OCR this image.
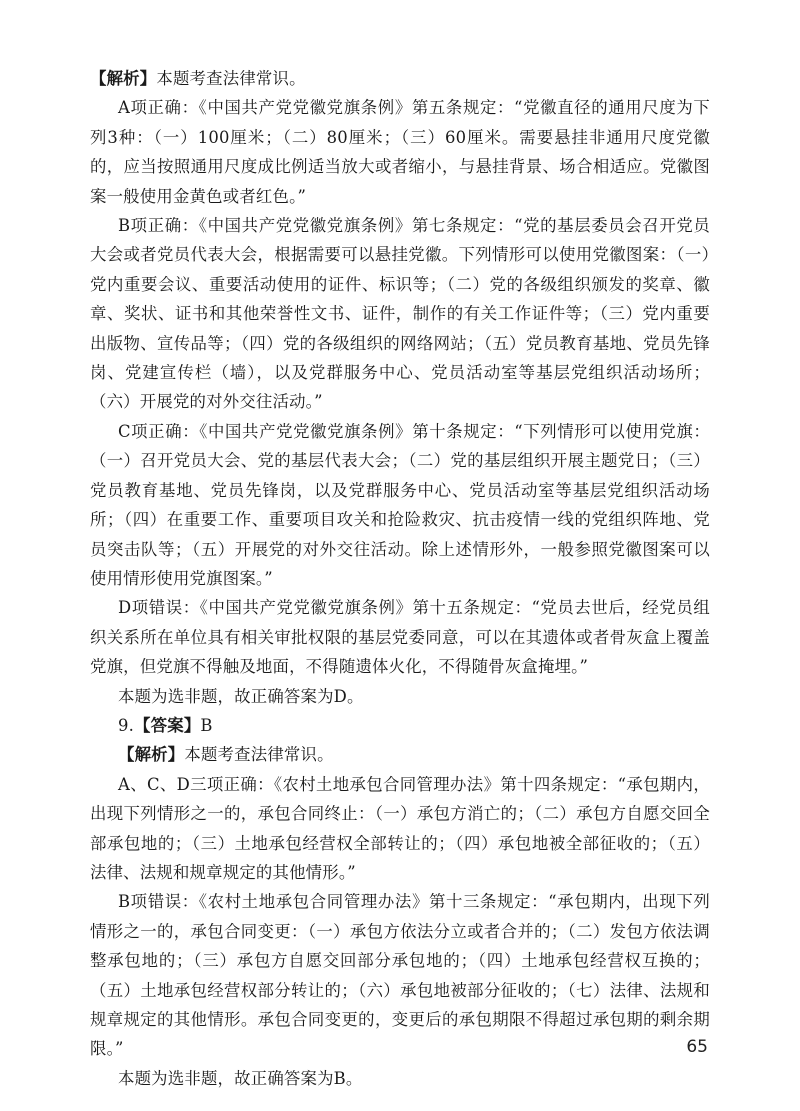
【解析】本题考查法律常识。

A项正确：《中国共产党党徽党旗条例》第五条规定：“党徽直径的通用尺度为下列3种：（一）100厘米；（二）80厘米；（三）60厘米。需要悬挂非通用尺度党徽的，应当按照通用尺度成比例适当放大或者缩小，与悬挂背景、场合相适应。党徽图案一般使用金黄色或者红色。”

B项正确：《中国共产党党徽党旗条例》第七条规定：“党的基层委员会召开党员大会或者党员代表大会，根据需要可以悬挂党徽。下列情形可以使用党徽图案：（一）党内重要会议、重要活动使用的证件、标识等；（二）党的各级组织颁发的奖章、徽章、奖状、证书和其他荣誉性文书、证件，制作的有关工作证件等；（三）党内重要出版物、宣传品等；（四）党的各级组织的网络网站；（五）党员教育基地、党员先锋岗、党建宣传栏（墙），以及党群服务中心、党员活动室等基层党组织活动场所；（六）开展党的对外交往活动。”

C项正确：《中国共产党党徽党旗条例》第十条规定：“下列情形可以使用党旗：（一）召开党员大会、党的基层代表大会；（二）党的基层组织开展主题党日；（三）党员教育基地、党员先锋岗，以及党群服务中心、党员活动室等基层党组织活动场所；（四）在重要工作、重要项目攻关和抢险救灾、抗击疫情一线的党组织阵地、党员突击队等；（五）开展党的对外交往活动。除上述情形外，一般参照党徽图案可以使用情形使用党旗图案。”

D项错误：《中国共产党党徽党旗条例》第十五条规定：“党员去世后，经党员组织关系所在单位具有相关审批权限的基层党委同意，可以在其遗体或者骨灰盒上覆盖党旗，但党旗不得触及地面，不得随遗体火化，不得随骨灰盒掩埋。”

本题为选非题，故正确答案为D。

9.【答案】B

【解析】本题考查法律常识。

A、C、D三项正确：《农村土地承包合同管理办法》第十四条规定：“承包期内，出现下列情形之一的，承包合同终止：（一）承包方消亡的；（二）承包方自愿交回全部承包地的；（三）土地承包经营权全部转让的；（四）承包地被全部征收的；（五）法律、法规和规章规定的其他情形。”

B项错误：《农村土地承包合同管理办法》第十三条规定：“承包期内，出现下列情形之一的，承包合同变更：（一）承包方依法分立或者合并的；（二）发包方依法调整承包地的；（三）承包方自愿交回部分承包地的；（四）土地承包经营权互换的；（五）土地承包经营权部分转让的；（六）承包地被部分征收的；（七）法律、法规和规章规定的其他情形。承包合同变更的，变更后的承包期限不得超过承包期的剩余期限。”

本题为选非题，故正确答案为B。

65
